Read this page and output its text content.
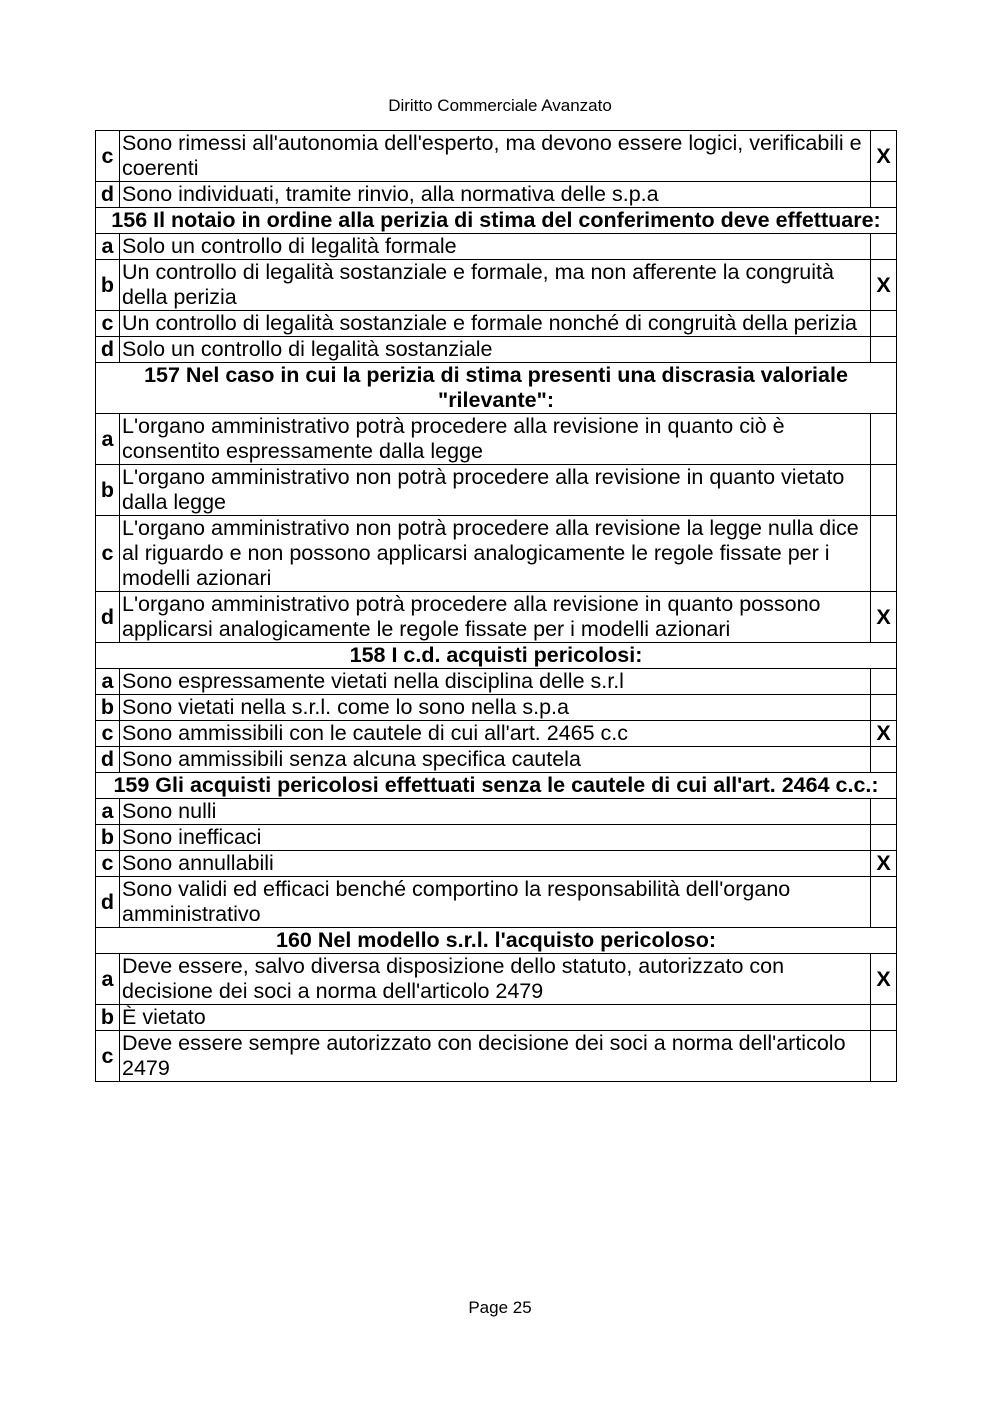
Diritto Commerciale Avanzato
c	Sono rimessi all'autonomia dell'esperto, ma devono essere logici, verificabili e coerenti	X
d	Sono individuati, tramite rinvio, alla normativa delle s.p.a	
156 Il notaio in ordine alla perizia di stima del conferimento deve effettuare:		
a	Solo un controllo di legalità formale	
b	Un controllo di legalità sostanziale e formale, ma non afferente la congruità della perizia	X
c	Un controllo di legalità sostanziale e formale nonché di congruità della perizia	
d	Solo un controllo di legalità sostanziale	
157 Nel caso in cui la perizia di stima presenti una discrasia valoriale "rilevante":		
a	L'organo amministrativo potrà procedere alla revisione in quanto ciò è consentito espressamente dalla legge	
b	L'organo amministrativo non potrà procedere alla revisione in quanto vietato dalla legge	
c	L'organo amministrativo non potrà procedere alla revisione la legge nulla dice al riguardo e non possono applicarsi analogicamente le regole fissate per i modelli azionari	
d	L'organo amministrativo potrà procedere alla revisione in quanto possono applicarsi analogicamente le regole fissate per i modelli azionari	X
158 I c.d. acquisti pericolosi:		
a	Sono espressamente vietati nella disciplina delle s.r.l	
b	Sono vietati nella s.r.l. come lo sono nella s.p.a	
c	Sono ammissibili con le cautele di cui all'art. 2465 c.c	X
d	Sono ammissibili senza alcuna specifica cautela	
159 Gli acquisti pericolosi effettuati senza le cautele di cui all'art. 2464 c.c.:		
a	Sono nulli	
b	Sono inefficaci	
c	Sono annullabili	X
d	Sono validi ed efficaci benché comportino la responsabilità dell'organo amministrativo	
160 Nel modello s.r.l. l'acquisto pericoloso:		
a	Deve essere, salvo diversa disposizione dello statuto, autorizzato con decisione dei soci a norma dell'articolo 2479	X
b	È vietato	
c	Deve essere sempre autorizzato con decisione dei soci a norma dell'articolo 2479	
Page 25
